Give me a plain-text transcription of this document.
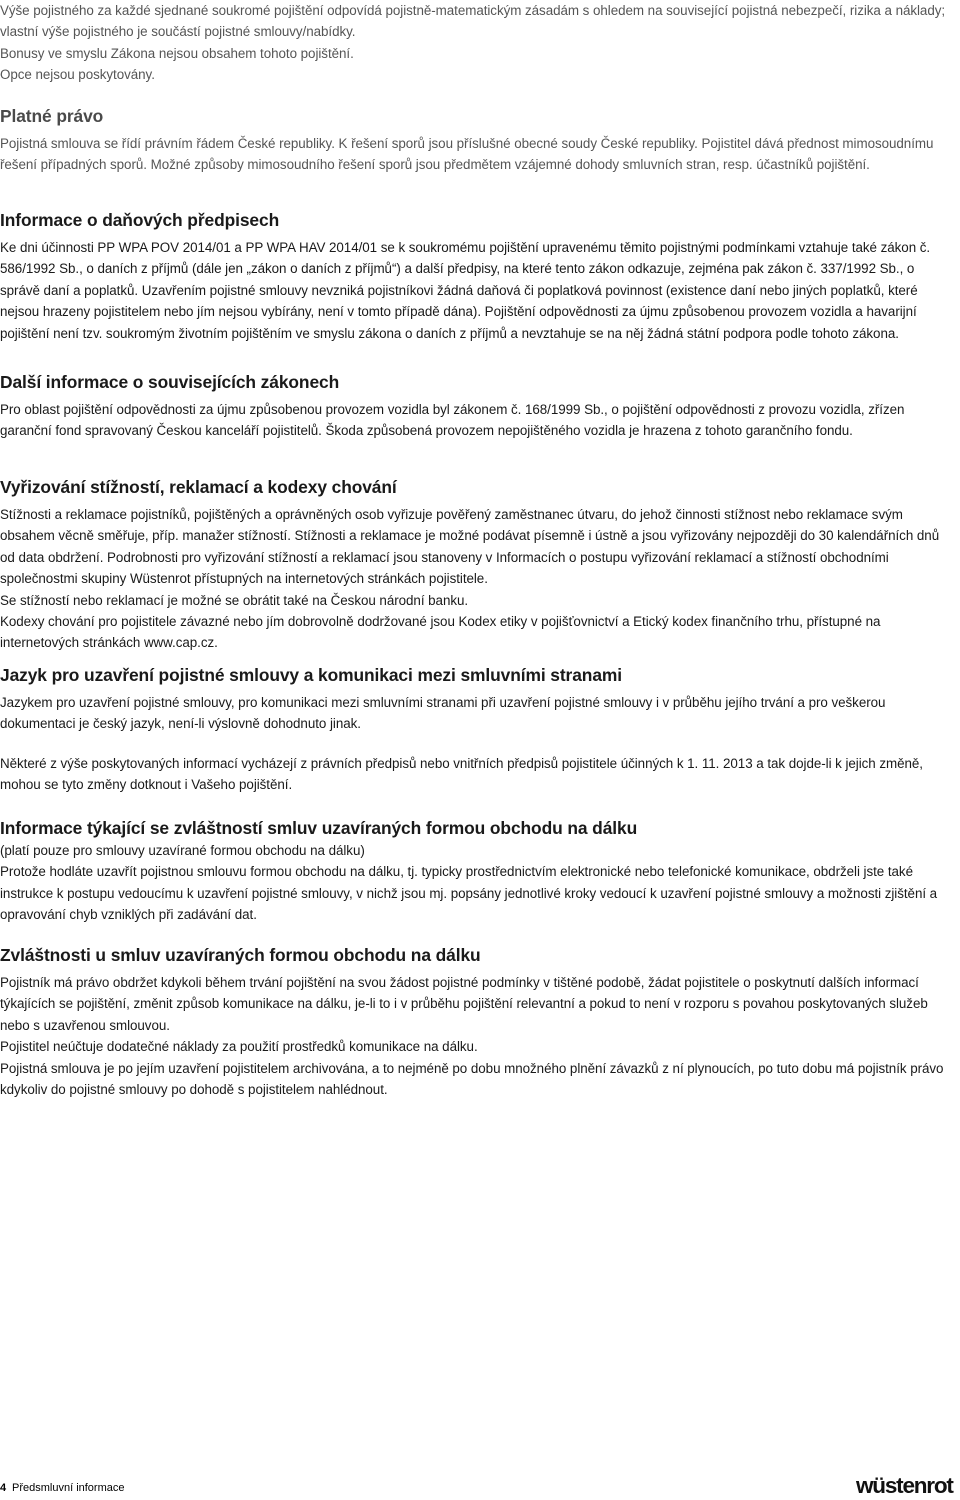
Výše pojistného za každé sjednané soukromé pojištění odpovídá pojistně-matematickým zásadám s ohledem na související pojistná nebezpečí, rizika a náklady; vlastní výše pojistného je součástí pojistné smlouvy/nabídky.

Bonusy ve smyslu Zákona nejsou obsahem tohoto pojištění.

Opce nejsou poskytovány.

Platné právo

Pojistná smlouva se řídí právním řádem České republiky. K řešení sporů jsou příslušné obecné soudy České republiky. Pojistitel dává přednost mimosoudnímu řešení případných sporů. Možné způsoby mimosoudního řešení sporů jsou předmětem vzájemné dohody smluvních stran, resp. účastníků pojištění.

Informace o daňových předpisech

Ke dni účinnosti PP WPA POV 2014/01 a PP WPA HAV 2014/01 se k soukromému pojištění upravenému těmito pojistnými podmínkami vztahuje také zákon č. 586/1992 Sb., o daních z příjmů (dále jen „zákon o daních z příjmů“) a další předpisy, na které tento zákon odkazuje, zejména pak zákon č. 337/1992 Sb., o správě daní a poplatků. Uzavřením pojistné smlouvy nevzniká pojistníkovi žádná daňová či poplatková povinnost (existence daní nebo jiných poplatků, které nejsou hrazeny pojistitelem nebo jím nejsou vybírány, není v tomto případě dána). Pojištění odpovědnosti za újmu způsobenou provozem vozidla a havarijní pojištění není tzv. soukromým životním pojištěním ve smyslu zákona o daních z příjmů a nevztahuje se na něj žádná státní podpora podle tohoto zákona.

Další informace o souvisejících zákonech

Pro oblast pojištění odpovědnosti za újmu způsobenou provozem vozidla byl zákonem č. 168/1999 Sb., o pojištění odpovědnosti z provozu vozidla, zřízen garanční fond spravovaný Českou kanceláří pojistitelů. Škoda způsobená provozem nepojištěného vozidla je hrazena z tohoto garančního fondu.

Vyřizování stížností, reklamací a kodexy chování

Stížnosti a reklamace pojistníků, pojištěných a oprávněných osob vyřizuje pověřený zaměstnanec útvaru, do jehož činnosti stížnost nebo reklamace svým obsahem věcně směřuje, příp. manažer stížností. Stížnosti a reklamace je možné podávat písemně i ústně a jsou vyřizovány nejpozději do 30 kalendářních dnů od data obdržení. Podrobnosti pro vyřizování stížností a reklamací jsou stanoveny v Informacích o postupu vyřizování reklamací a stížností obchodními společnostmi skupiny Wüstenrot přístupných na internetových stránkách pojistitele.

Se stížností nebo reklamací je možné se obrátit také na Českou národní banku.

Kodexy chování pro pojistitele závazné nebo jím dobrovolně dodržované jsou Kodex etiky v pojišťovnictví a Etický kodex finančního trhu, přístupné na internetových stránkách www.cap.cz.

Jazyk pro uzavření pojistné smlouvy a komunikaci mezi smluvními stranami

Jazykem pro uzavření pojistné smlouvy, pro komunikaci mezi smluvními stranami při uzavření pojistné smlouvy i v průběhu jejího trvání a pro veškerou dokumentaci je český jazyk, není-li výslovně dohodnuto jinak.

Některé z výše poskytovaných informací vycházejí z právních předpisů nebo vnitřních předpisů pojistitele účinných k 1. 11. 2013 a tak dojde-li k jejich změně, mohou se tyto změny dotknout i Vašeho pojištění.

Informace týkající se zvláštností smluv uzavíraných formou obchodu na dálku

(platí pouze pro smlouvy uzavírané formou obchodu na dálku)

Protože hodláte uzavřít pojistnou smlouvu formou obchodu na dálku, tj. typicky prostřednictvím elektronické nebo telefonické komunikace, obdrželi jste také instrukce k postupu vedoucímu k uzavření pojistné smlouvy, v nichž jsou mj. popsány jednotlivé kroky vedoucí k uzavření pojistné smlouvy a možnosti zjištění a opravování chyb vzniklých při zadávání dat.

Zvláštnosti u smluv uzavíraných formou obchodu na dálku

Pojistník má právo obdržet kdykoli během trvání pojištění na svou žádost pojistné podmínky v tištěné podobě, žádat pojistitele o poskytnutí dalších informací týkajících se pojištění, změnit způsob komunikace na dálku, je-li to i v průběhu pojištění relevantní a pokud to není v rozporu s povahou poskytovaných služeb nebo s uzavřenou smlouvou.

Pojistitel neúčtuje dodatečné náklady za použití prostředků komunikace na dálku.

Pojistná smlouva je po jejím uzavření pojistitelem archivována, a to nejméně po dobu množného plnění závazků z ní plynoucích, po tuto dobu má pojistník právo kdykoliv do pojistné smlouvy po dohodě s pojistitelem nahlédnout.

4 Předsmluvní informace	wüstenrot
